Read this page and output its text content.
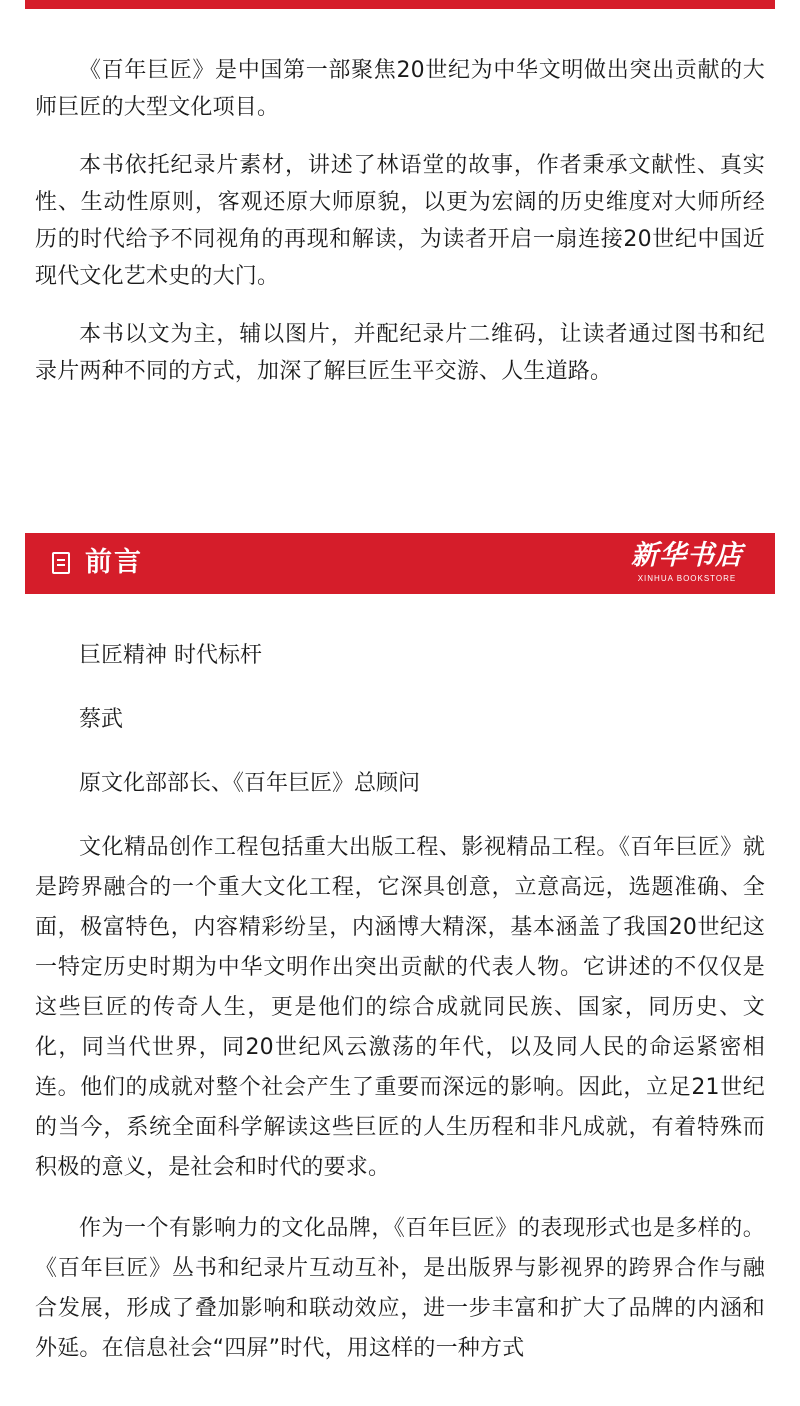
《百年巨匠》是中国第一部聚焦20世纪为中华文明做出突出贡献的大师巨匠的大型文化项目。

本书依托纪录片素材，讲述了林语堂的故事，作者秉承文献性、真实性、生动性原则，客观还原大师原貌，以更为宏阔的历史维度对大师所经历的时代给予不同视角的再现和解读，为读者开启一扇连接20世纪中国近现代文化艺术史的大门。

本书以文为主，辅以图片，并配纪录片二维码，让读者通过图书和纪录片两种不同的方式，加深了解巨匠生平交游、人生道路。

前言	新华书店
XINHUA BOOKSTORE

巨匠精神 时代标杆

蔡武

原文化部部长、《百年巨匠》总顾问

文化精品创作工程包括重大出版工程、影视精品工程。《百年巨匠》就是跨界融合的一个重大文化工程，它深具创意，立意高远，选题准确、全面，极富特色，内容精彩纷呈，内涵博大精深，基本涵盖了我国20世纪这一特定历史时期为中华文明作出突出贡献的代表人物。它讲述的不仅仅是这些巨匠的传奇人生，更是他们的综合成就同民族、国家，同历史、文化，同当代世界，同20世纪风云激荡的年代，以及同人民的命运紧密相连。他们的成就对整个社会产生了重要而深远的影响。因此，立足21世纪的当今，系统全面科学解读这些巨匠的人生历程和非凡成就，有着特殊而积极的意义，是社会和时代的要求。

作为一个有影响力的文化品牌，《百年巨匠》的表现形式也是多样的。《百年巨匠》丛书和纪录片互动互补，是出版界与影视界的跨界合作与融合发展，形成了叠加影响和联动效应，进一步丰富和扩大了品牌的内涵和外延。在信息社会“四屏”时代，用这样的一种方式
